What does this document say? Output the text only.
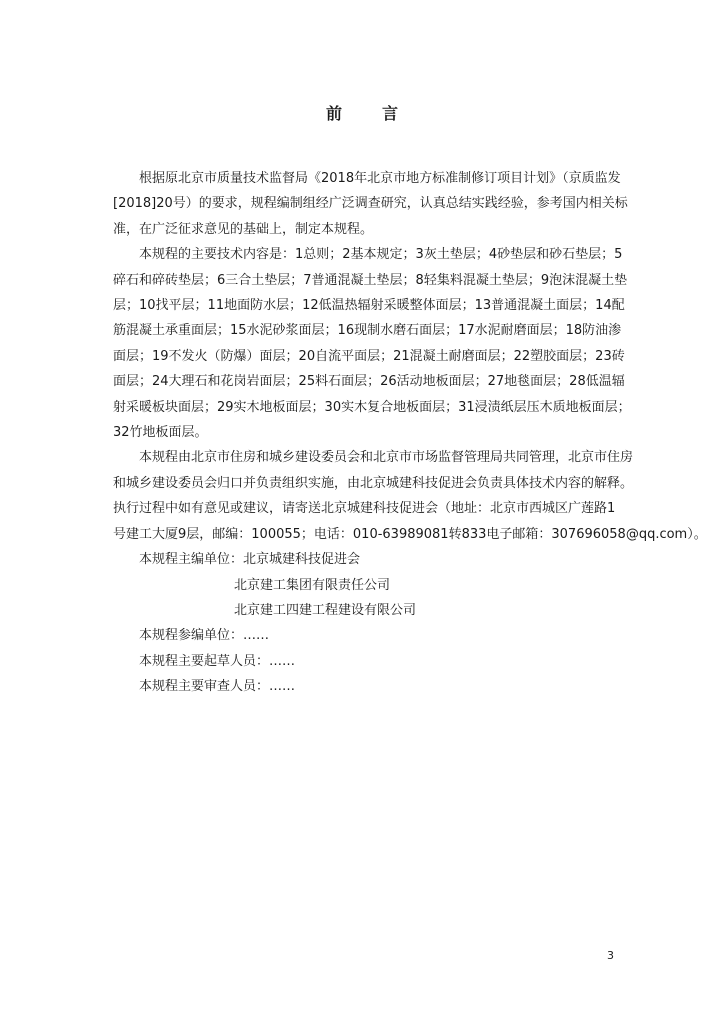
前言
根据原北京市质量技术监督局《2018年北京市地方标准制修订项目计划》（京质监发
[2018]20号）的要求，规程编制组经广泛调查研究，认真总结实践经验，参考国内相关标
准，在广泛征求意见的基础上，制定本规程。
本规程的主要技术内容是：1总则；2基本规定；3灰土垫层；4砂垫层和砂石垫层；5
碎石和碎砖垫层；6三合土垫层；7普通混凝土垫层；8轻集料混凝土垫层；9泡沫混凝土垫
层；10找平层；11地面防水层；12低温热辐射采暖整体面层；13普通混凝土面层；14配
筋混凝土承重面层；15水泥砂浆面层；16现制水磨石面层；17水泥耐磨面层；18防油渗
面层；19不发火（防爆）面层；20自流平面层；21混凝土耐磨面层；22塑胶面层；23砖
面层；24大理石和花岗岩面层；25料石面层；26活动地板面层；27地毯面层；28低温辐
射采暖板块面层；29实木地板面层；30实木复合地板面层；31浸渍纸层压木质地板面层；
32竹地板面层。
本规程由北京市住房和城乡建设委员会和北京市市场监督管理局共同管理，北京市住房
和城乡建设委员会归口并负责组织实施，由北京城建科技促进会负责具体技术内容的解释。
执行过程中如有意见或建议，请寄送北京城建科技促进会（地址：北京市西城区广莲路1
号建工大厦9层，邮编：100055；电话：010-63989081转833电子邮箱：307696058@qq.com）。
本规程主编单位：北京城建科技促进会
北京建工集团有限责任公司
北京建工四建工程建设有限公司
本规程参编单位：……
本规程主要起草人员：……
本规程主要审查人员：……
3
